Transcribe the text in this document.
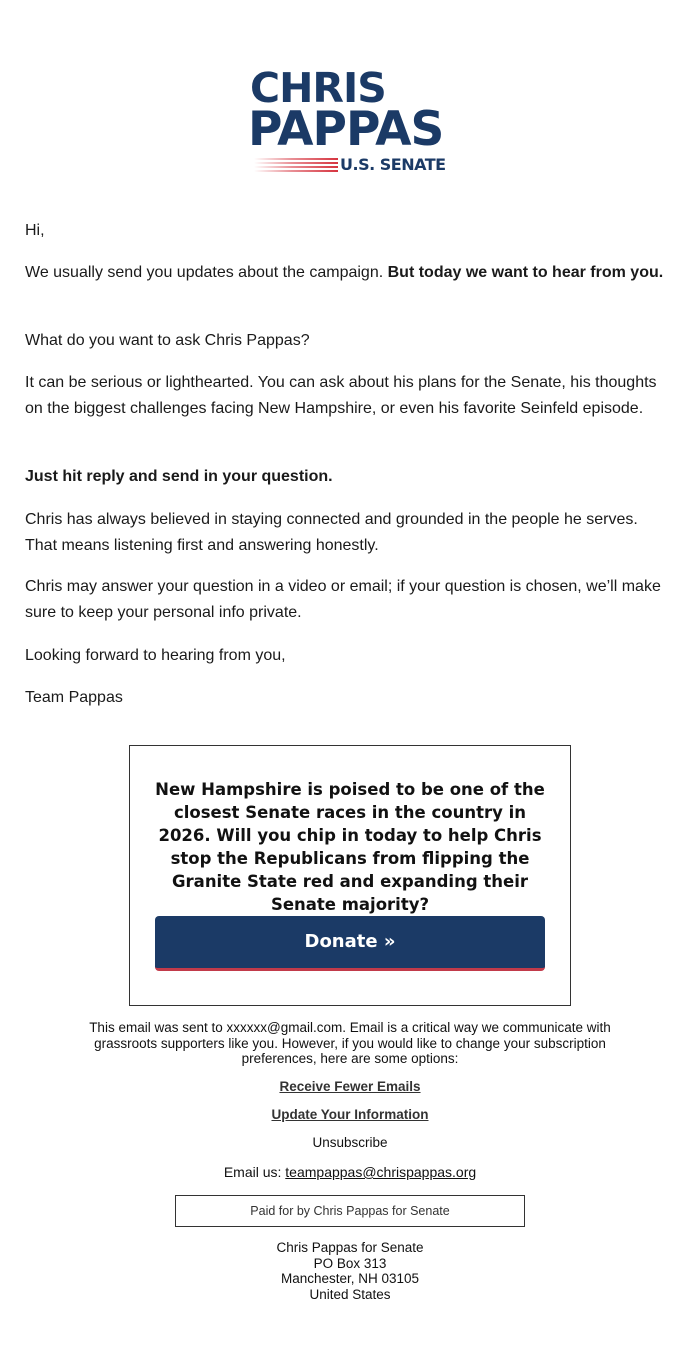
CHRIS
PAPPAS
U.S. SENATE

Hi,

We usually send you updates about the campaign. But today we want to hear from you.

What do you want to ask Chris Pappas?

It can be serious or lighthearted. You can ask about his plans for the Senate, his thoughts on the biggest challenges facing New Hampshire, or even his favorite Seinfeld episode.

Just hit reply and send in your question.

Chris has always believed in staying connected and grounded in the people he serves. That means listening first and answering honestly.

Chris may answer your question in a video or email; if your question is chosen, we’ll make sure to keep your personal info private.

Looking forward to hearing from you,

Team Pappas

New Hampshire is poised to be one of the closest Senate races in the country in 2026. Will you chip in today to help Chris stop the Republicans from flipping the Granite State red and expanding their Senate majority?
Donate »
This email was sent to xxxxxx@gmail.com. Email is a critical way we communicate with grassroots supporters like you. However, if you would like to change your subscription preferences, here are some options:
Receive Fewer Emails
Update Your Information
Unsubscribe
Email us: teampappas@chrispappas.org
Paid for by Chris Pappas for Senate
Chris Pappas for Senate
PO Box 313
Manchester, NH 03105
United States
